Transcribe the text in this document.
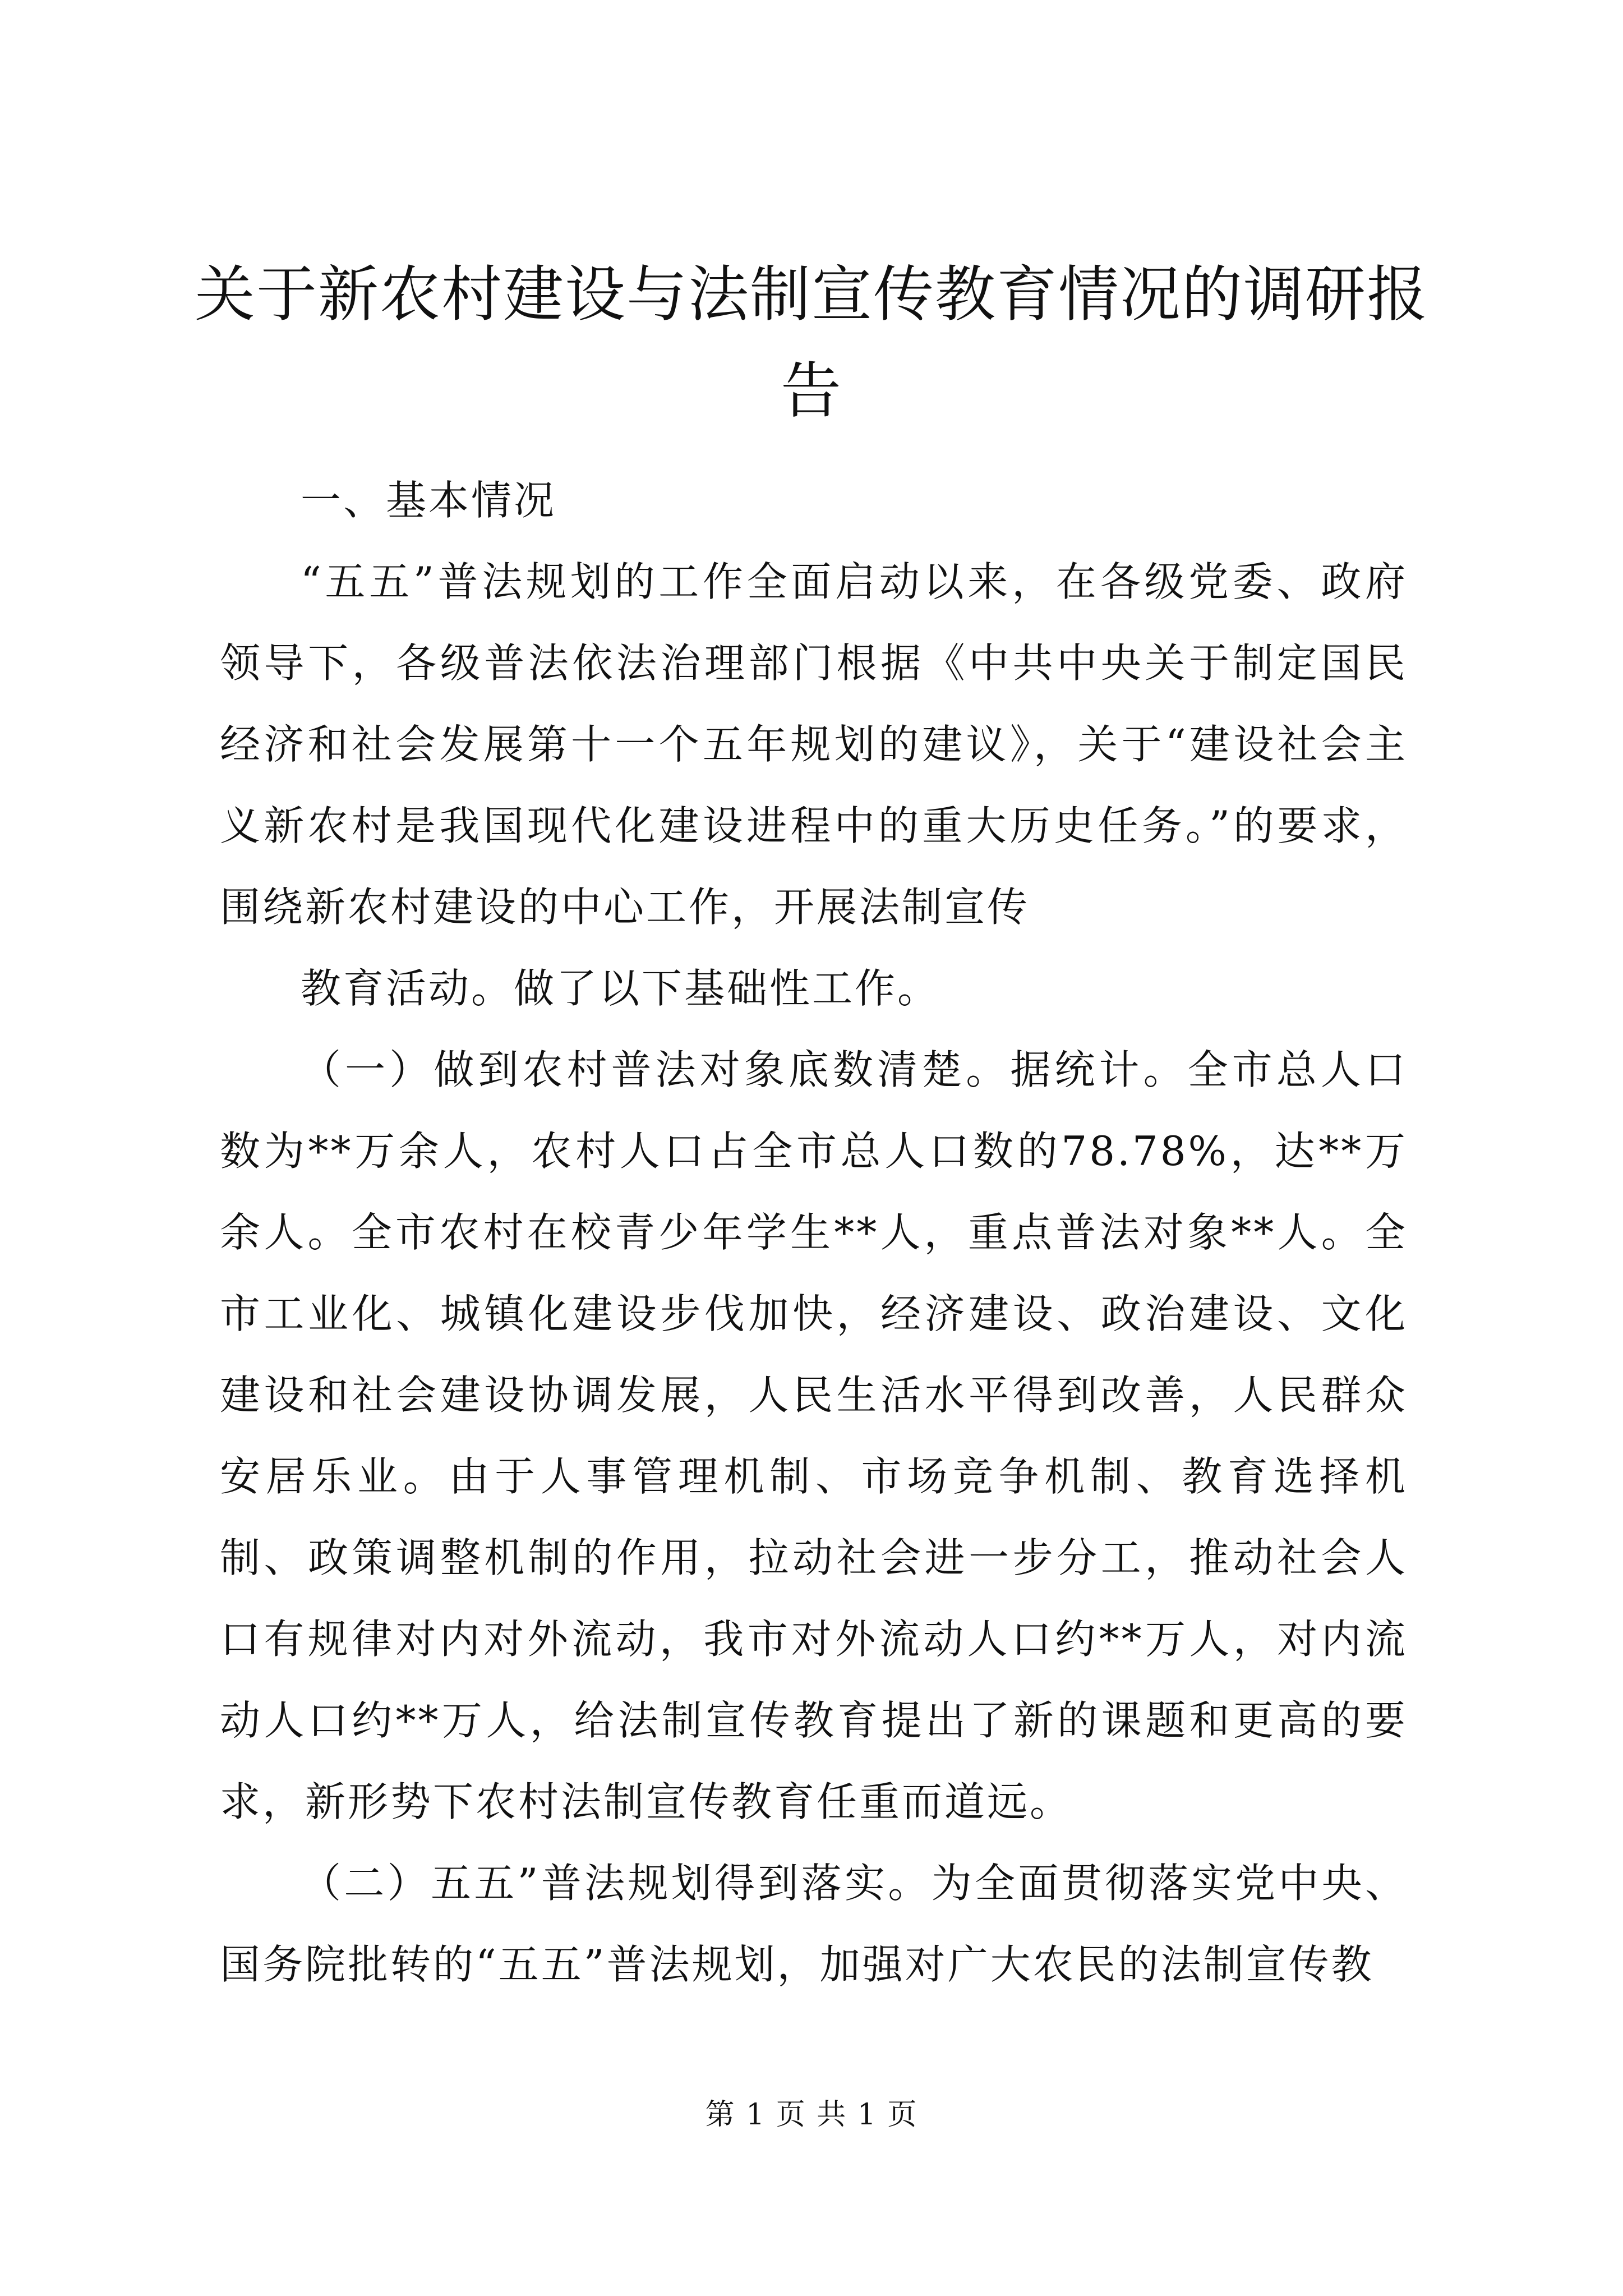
关于新农村建设与法制宣传教育情况的调研报告

一、基本情况

“五五”普法规划的工作全面启动以来，在各级党委、政府领导下，各级普法依法治理部门根据《中共中央关于制定国民经济和社会发展第十一个五年规划的建议》，关于“建设社会主义新农村是我国现代化建设进程中的重大历史任务。”的要求，围绕新农村建设的中心工作，开展法制宣传

教育活动。做了以下基础性工作。

（一）做到农村普法对象底数清楚。据统计。全市总人口数为**万余人，农村人口占全市总人口数的78.78%，达**万余人。全市农村在校青少年学生**人，重点普法对象**人。全市工业化、城镇化建设步伐加快，经济建设、政治建设、文化建设和社会建设协调发展，人民生活水平得到改善，人民群众安居乐业。由于人事管理机制、市场竞争机制、教育选择机制、政策调整机制的作用，拉动社会进一步分工，推动社会人口有规律对内对外流动，我市对外流动人口约**万人，对内流动人口约**万人，给法制宣传教育提出了新的课题和更高的要求，新形势下农村法制宣传教育任重而道远。

（二）五五”普法规划得到落实。为全面贯彻落实党中央、国务院批转的“五五”普法规划，加强对广大农民的法制宣传教

第 1 页 共 1 页
